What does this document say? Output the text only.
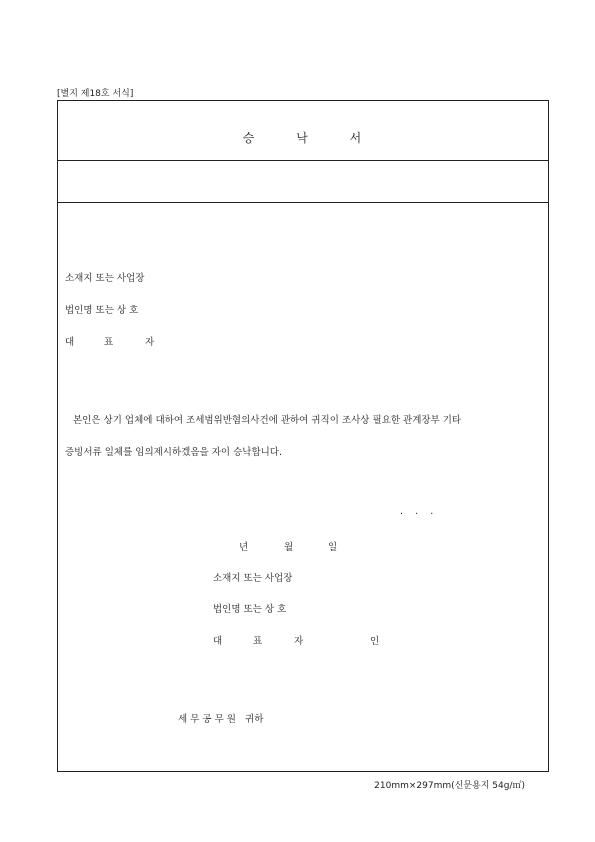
[별지 제18호 서식]
승	낙	서
소재지 또는 사업장
법인명 또는 상 호
대	표	자
본인은 상기 업체에 대하여 조세범위반혐의사건에 관하여 귀직이 조사상 필요한 관계장부 기타
증빙서류 일체를 임의제시하겠음을 자이 승낙합니다.
.    .    .
년	월	일
소재지 또는 사업장
법인명 또는 상 호
대	표	자	인
세 무 공 무 원   귀하
210mm×297mm(신문용지 54g/㎡)
